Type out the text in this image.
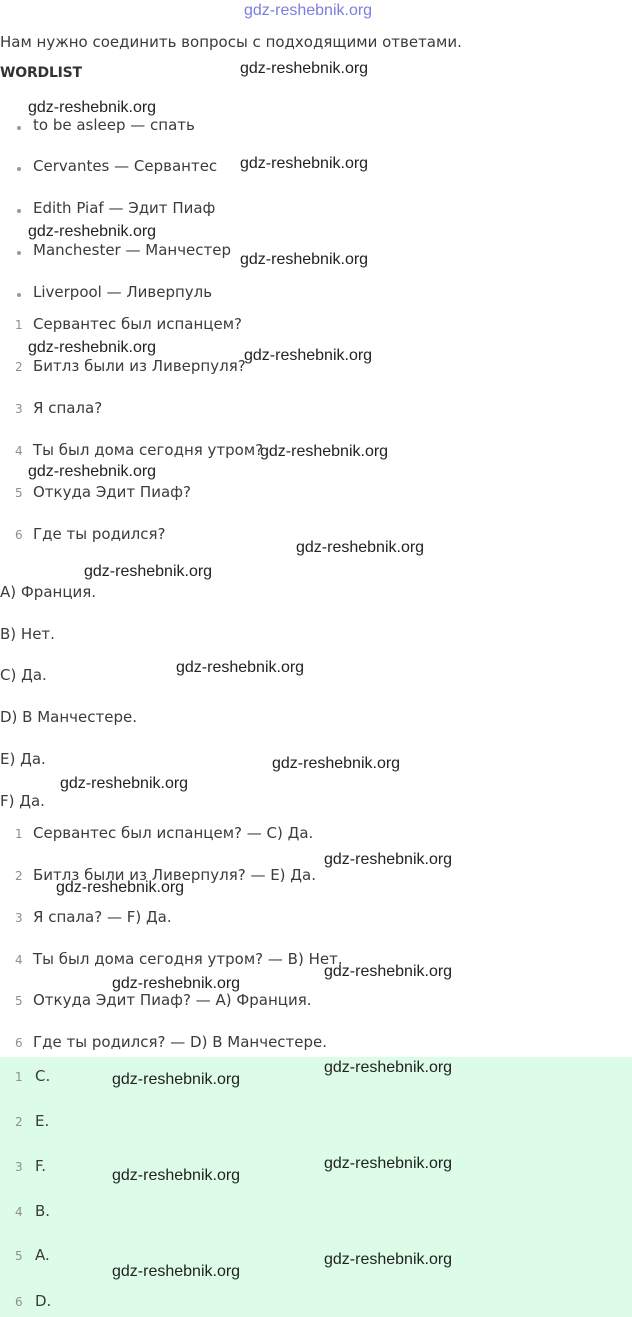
gdz-reshebnik.org
Нам нужно соединить вопросы с подходящими ответами.
WORDLIST
to be asleep — спать
Cervantes — Сервантес
Edith Piaf — Эдит Пиаф
Manchester — Манчестер
Liverpool — Ливерпуль
1 Сервантес был испанцем?
2 Битлз были из Ливерпуля?
3 Я спала?
4 Ты был дома сегодня утром?
5 Откуда Эдит Пиаф?
6 Где ты родился?
A) Франция.
B) Нет.
C) Да.
D) В Манчестере.
E) Да.
F) Да.
1 Сервантес был испанцем? — C) Да.
2 Битлз были из Ливерпуля? — E) Да.
3 Я спала? — F) Да.
4 Ты был дома сегодня утром? — B) Нет.
5 Откуда Эдит Пиаф? — A) Франция.
6 Где ты родился? — D) В Манчестере.
1 C.
2 E.
3 F.
4 B.
5 A.
6 D.
gdz-reshebnik.org
gdz-reshebnik.org
gdz-reshebnik.org
gdz-reshebnik.org
gdz-reshebnik.org
gdz-reshebnik.org	gdz-reshebnik.org
gdz-reshebnik.org
gdz-reshebnik.org
gdz-reshebnik.org
gdz-reshebnik.org
gdz-reshebnik.org
gdz-reshebnik.org
gdz-reshebnik.org
gdz-reshebnik.org
gdz-reshebnik.org
gdz-reshebnik.org
gdz-reshebnik.org
gdz-reshebnik.org
gdz-reshebnik.org
gdz-reshebnik.org
gdz-reshebnik.org
gdz-reshebnik.org
gdz-reshebnik.org
